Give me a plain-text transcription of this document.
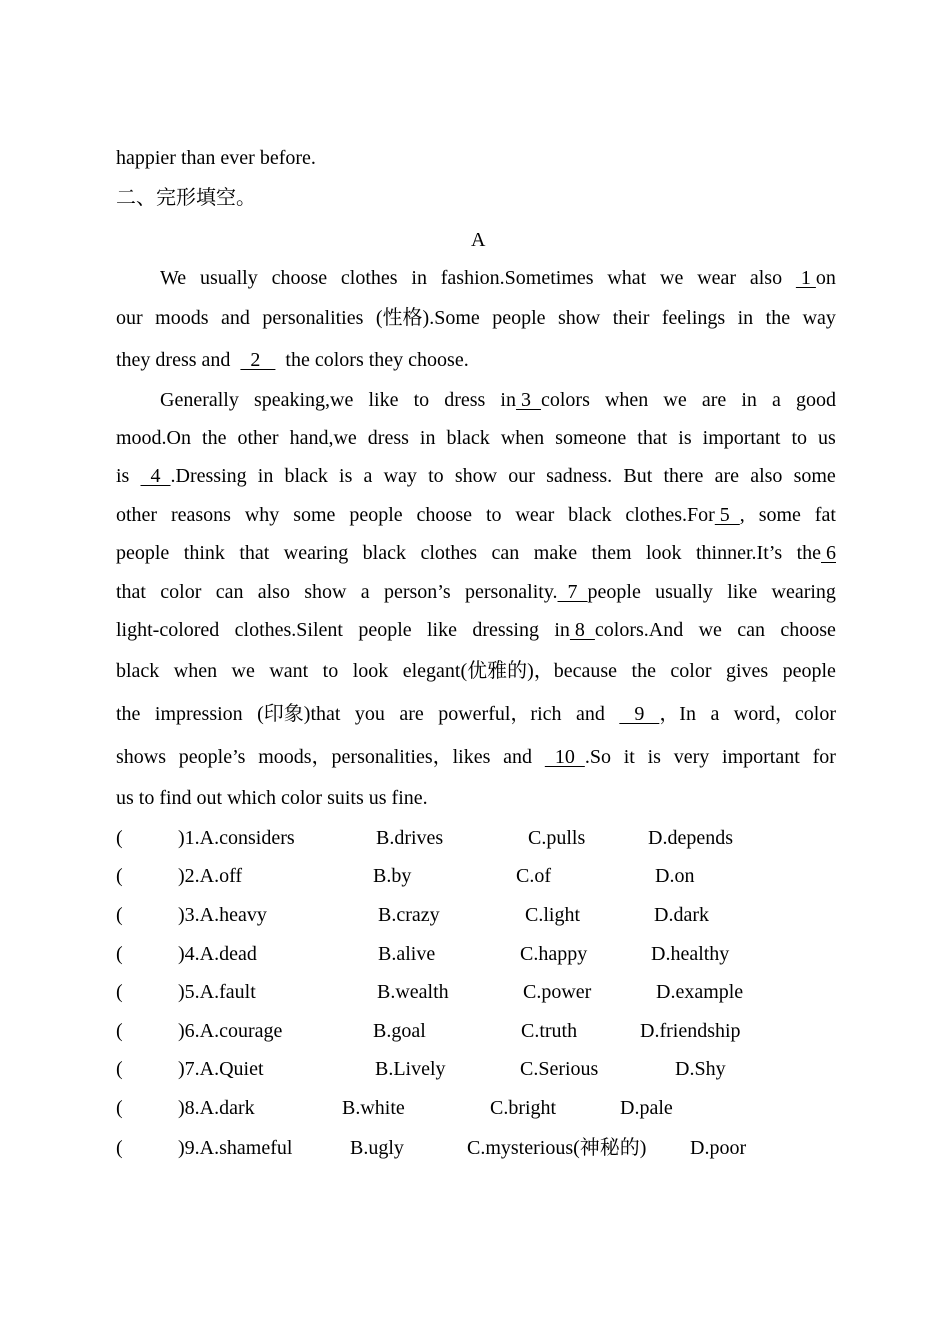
happier than ever before.
二、完形填空。
A
We usually choose clothes in fashion.Sometimes what we wear also 1 on
our moods and personalities (性格).Some people show their feelings in the way
they dress and    2     the colors they choose.
Generally speaking,we like to dress in 3  colors when we are in a good
mood.On the other hand,we dress in black when someone that is important to us
is 4  .Dressing in black is a way to show our sadness. But there are also some
other reasons why some people choose to wear black clothes.For 5  , some fat
people think that wearing black clothes can make them look thinner.It’s the 6
that color can also show a person’s personality.  7  people usually like wearing
light-colored clothes.Silent people like dressing in 8  colors.And we can choose
black when we want to look elegant(优雅的)，because the color gives people
the impression (印象)that you are powerful，rich and 9   ，In a word，color
shows people’s moods，personalities，likes and 10  .So it is very important for
us to find out which color suits us fine.
(	)1.A.considers	B.drives	C.pulls	D.depends
(	)2.A.off	B.by	C.of	D.on
(	)3.A.heavy	B.crazy	C.light	D.dark
(	)4.A.dead	B.alive	C.happy	D.healthy
(	)5.A.fault	B.wealth	C.power	D.example
(	)6.A.courage	B.goal	C.truth	D.friendship
(	)7.A.Quiet	B.Lively	C.Serious	D.Shy
(	)8.A.dark	B.white	C.bright	D.pale
(	)9.A.shameful	B.ugly	C.mysterious(神秘的) D.poor
